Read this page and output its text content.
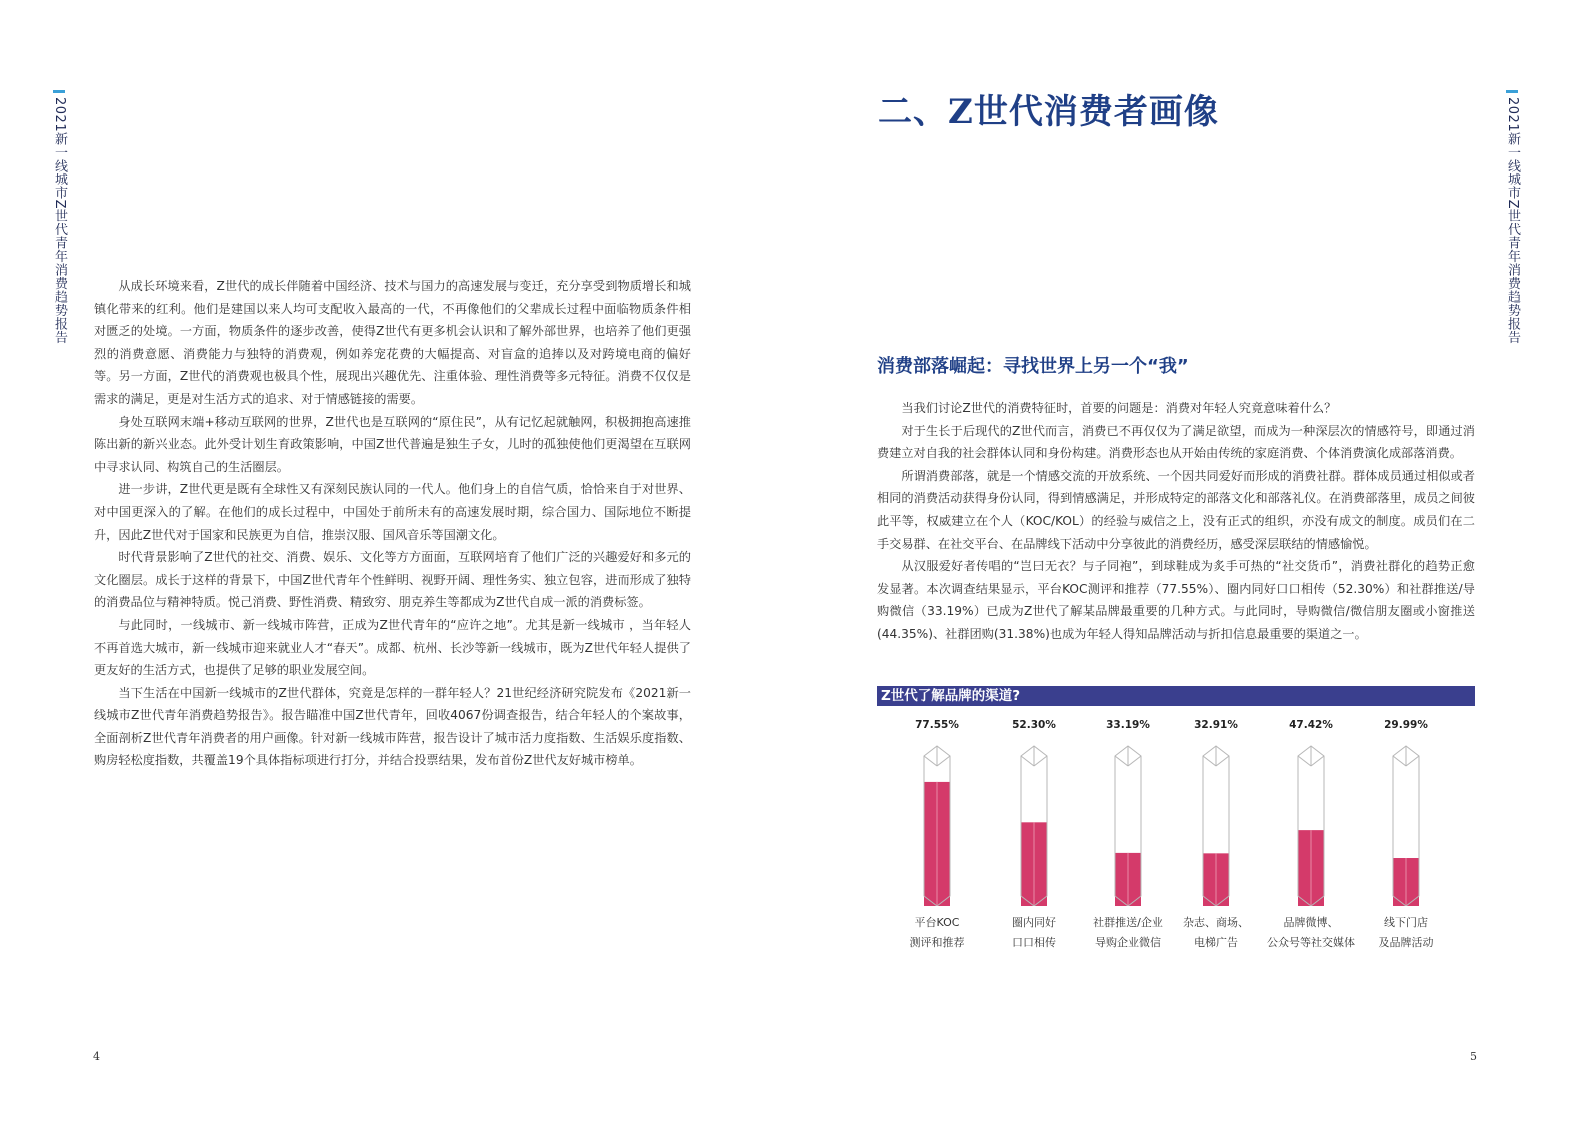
2021新一线城市Z世代青年消费趋势报告	从成长环境来看，Z世代的成长伴随着中国经济、技术与国力的高速发展与变迁，充分享受到物质增长和城镇化带来的红利。他们是建国以来人均可支配收入最高的一代，不再像他们的父辈成长过程中面临物质条件相对匮乏的处境。一方面，物质条件的逐步改善，使得Z世代有更多机会认识和了解外部世界，也培养了他们更强烈的消费意愿、消费能力与独特的消费观，例如养宠花费的大幅提高、对盲盒的追捧以及对跨境电商的偏好等。另一方面，Z世代的消费观也极具个性，展现出兴趣优先、注重体验、理性消费等多元特征。消费不仅仅是需求的满足，更是对生活方式的追求、对于情感链接的需要。

身处互联网末端+移动互联网的世界，Z世代也是互联网的“原住民”，从有记忆起就触网，积极拥抱高速推陈出新的新兴业态。此外受计划生育政策影响，中国Z世代普遍是独生子女，儿时的孤独使他们更渴望在互联网中寻求认同、构筑自己的生活圈层。

进一步讲，Z世代更是既有全球性又有深刻民族认同的一代人。他们身上的自信气质，恰恰来自于对世界、对中国更深入的了解。在他们的成长过程中，中国处于前所未有的高速发展时期，综合国力、国际地位不断提升，因此Z世代对于国家和民族更为自信，推崇汉服、国风音乐等国潮文化。

时代背景影响了Z世代的社交、消费、娱乐、文化等方方面面，互联网培育了他们广泛的兴趣爱好和多元的文化圈层。成长于这样的背景下，中国Z世代青年个性鲜明、视野开阔、理性务实、独立包容，进而形成了独特的消费品位与精神特质。悦己消费、野性消费、精致穷、朋克养生等都成为Z世代自成一派的消费标签。

与此同时，一线城市、新一线城市阵营，正成为Z世代青年的“应许之地”。尤其是新一线城市 ，当年轻人不再首选大城市，新一线城市迎来就业人才“春天”。成都、杭州、长沙等新一线城市，既为Z世代年轻人提供了更友好的生活方式，也提供了足够的职业发展空间。

当下生活在中国新一线城市的Z世代群体，究竟是怎样的一群年轻人？21世纪经济研究院发布《2021新一线城市Z世代青年消费趋势报告》。报告瞄准中国Z世代青年，回收4067份调查报告，结合年轻人的个案故事，全面剖析Z世代青年消费者的用户画像。针对新一线城市阵营，报告设计了城市活力度指数、生活娱乐度指数、购房轻松度指数，共覆盖19个具体指标项进行打分，并结合投票结果，发布首份Z世代友好城市榜单。

4
二、Z世代消费者画像	2021新一线城市Z世代青年消费趋势报告
消费部落崛起：寻找世界上另一个“我”

当我们讨论Z世代的消费特征时，首要的问题是：消费对年轻人究竟意味着什么？

对于生长于后现代的Z世代而言，消费已不再仅仅为了满足欲望，而成为一种深层次的情感符号，即通过消费建立对自我的社会群体认同和身份构建。消费形态也从开始由传统的家庭消费、个体消费演化成部落消费。

所谓消费部落，就是一个情感交流的开放系统、一个因共同爱好而形成的消费社群。群体成员通过相似或者相同的消费活动获得身份认同，得到情感满足，并形成特定的部落文化和部落礼仪。在消费部落里，成员之间彼此平等，权威建立在个人（KOC/KOL）的经验与威信之上，没有正式的组织，亦没有成文的制度。成员们在二手交易群、在社交平台、在品牌线下活动中分享彼此的消费经历，感受深层联结的情感愉悦。

从汉服爱好者传唱的“岂曰无衣？与子同袍”，到球鞋成为炙手可热的“社交货币”，消费社群化的趋势正愈发显著。本次调查结果显示，平台KOC测评和推荐（77.55%）、圈内同好口口相传（52.30%）和社群推送/导购微信（33.19%）已成为Z世代了解某品牌最重要的几种方式。与此同时，导购微信/微信朋友圈或小窗推送(44.35%)、社群团购(31.38%)也成为年轻人得知品牌活动与折扣信息最重要的渠道之一。

Z世代了解品牌的渠道?
77.55%	52.30%	33.19%	32.91%	47.42%	29.99%
平台KOC
测评和推荐
圈内同好
口口相传
社群推送/企业
导购企业微信
杂志、商场、
电梯广告
品牌微博、
公众号等社交媒体
线下门店
及品牌活动
5
